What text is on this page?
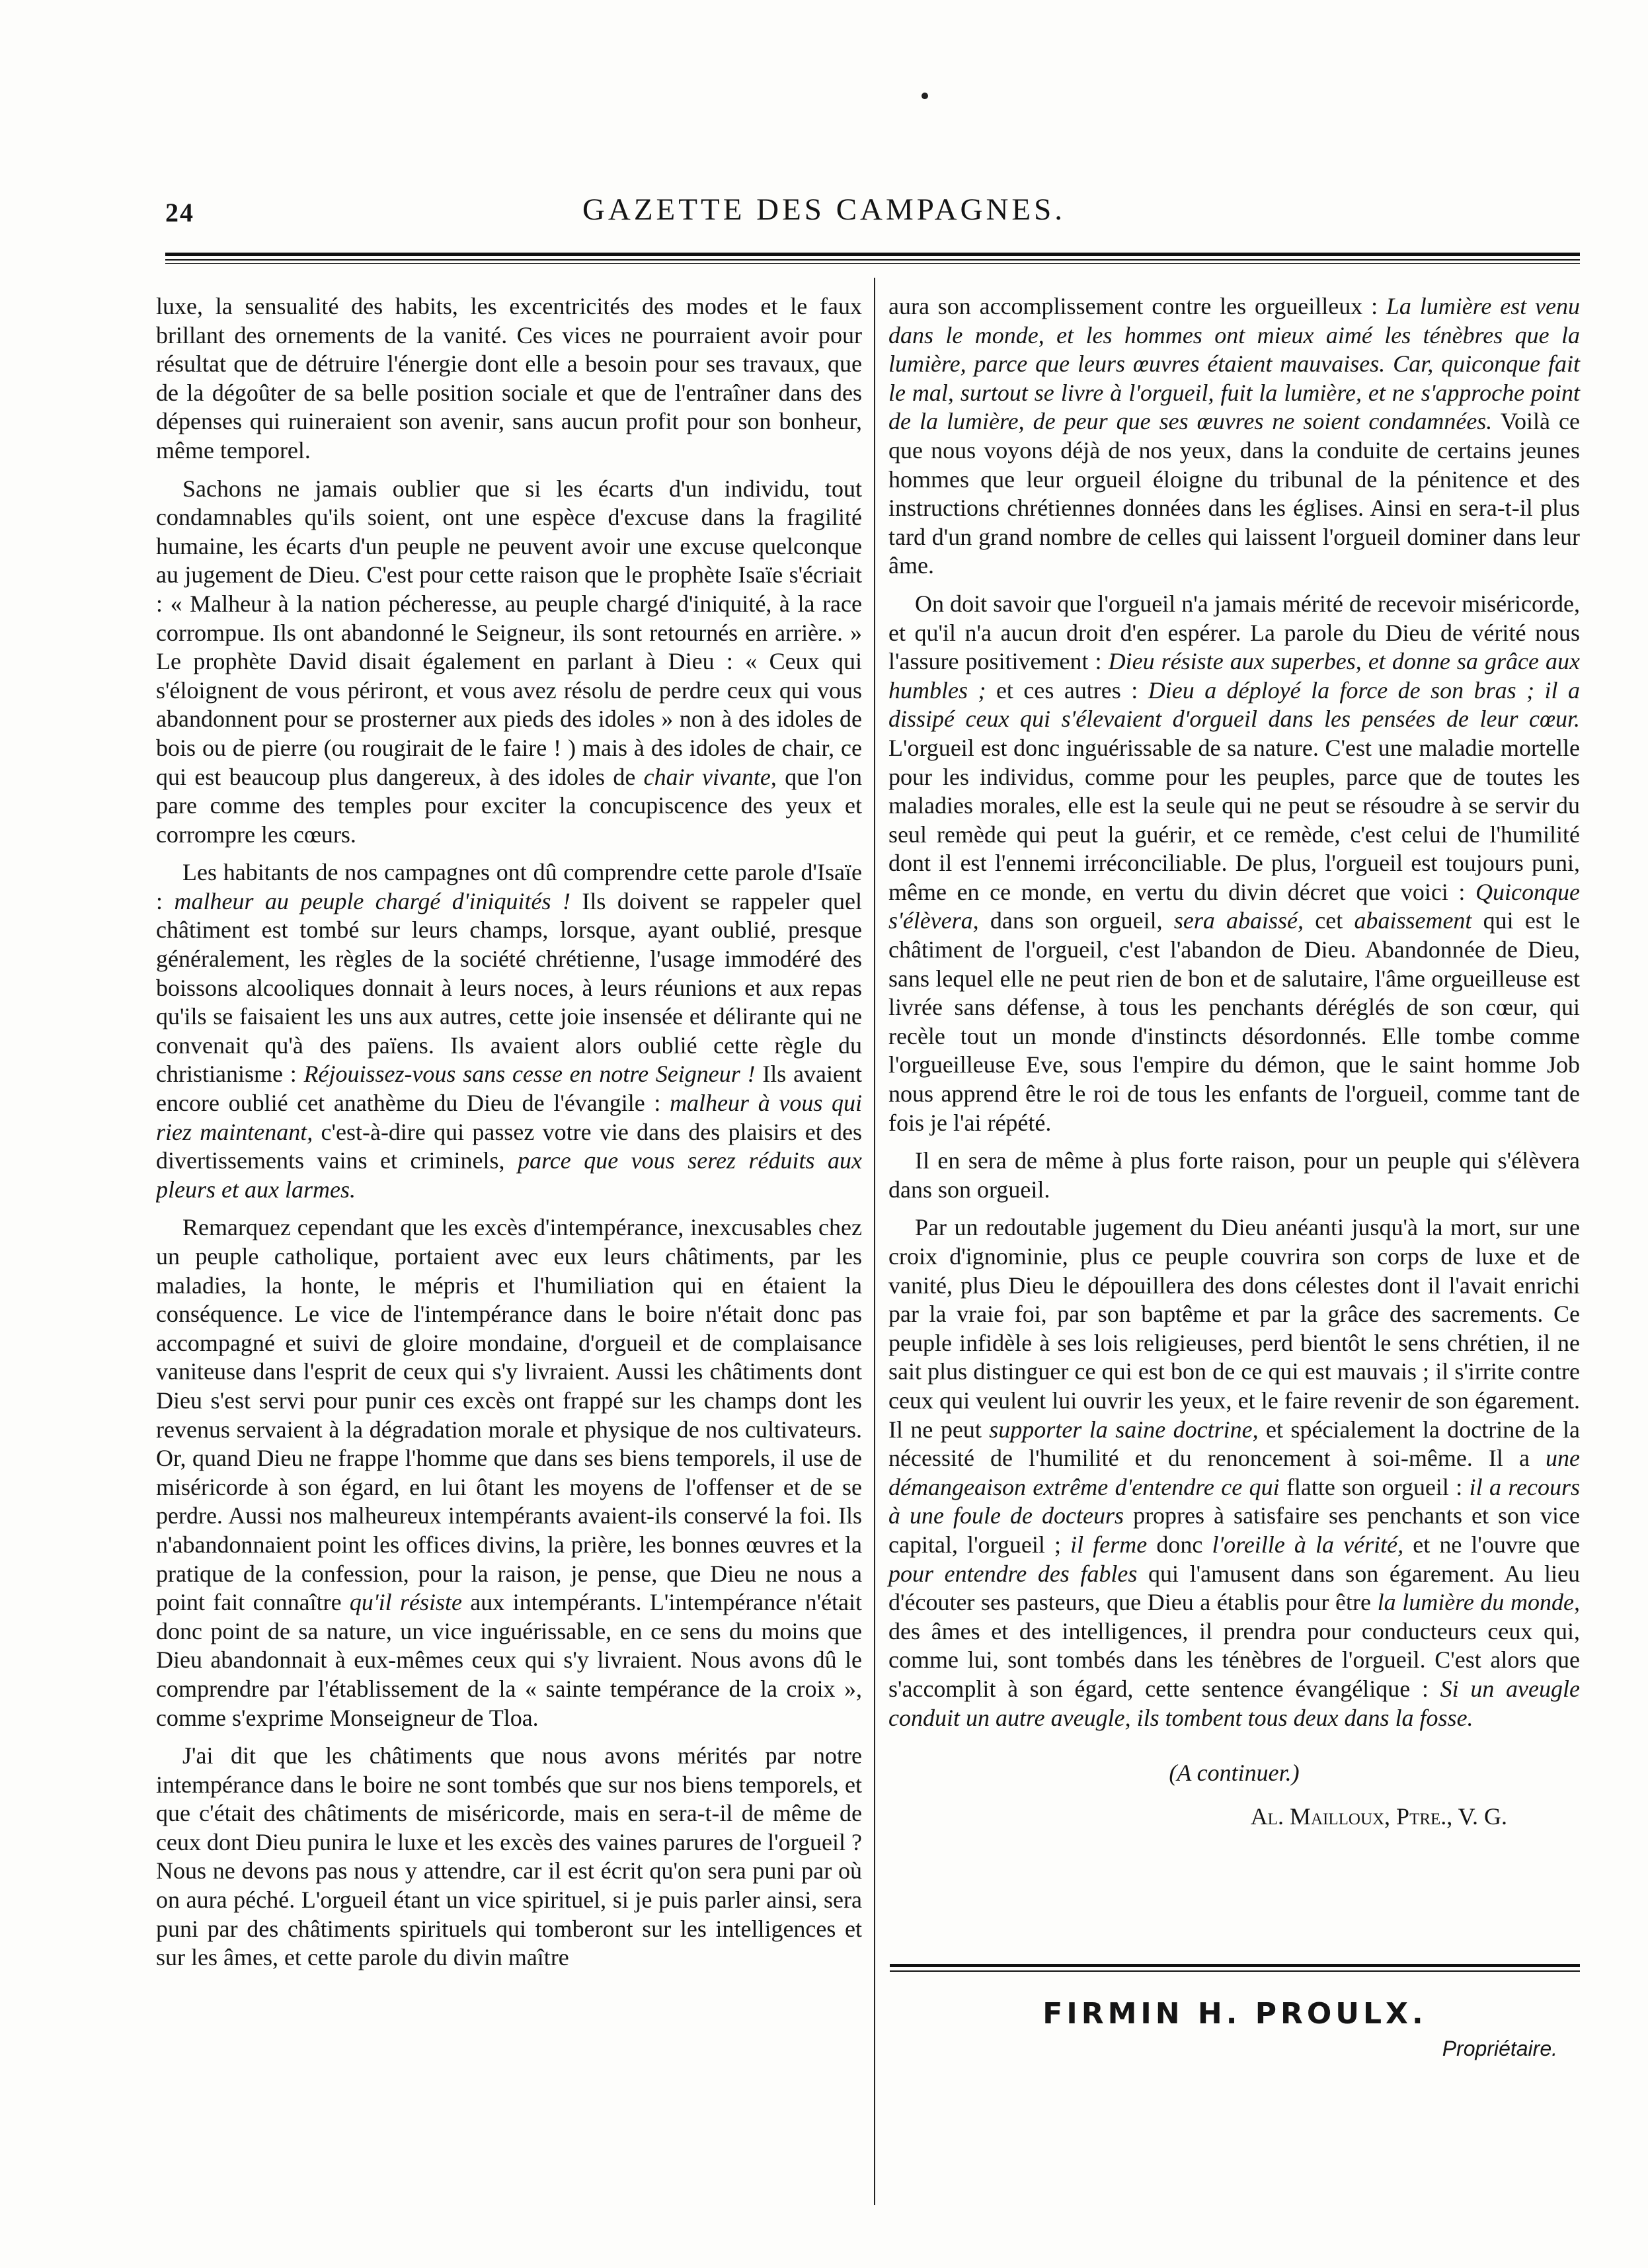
24	GAZETTE DES CAMPAGNES.

luxe, la sensualité des habits, les excentricités des modes et le faux brillant des ornements de la vanité. Ces vices ne pourraient avoir pour résultat que de détruire l'énergie dont elle a besoin pour ses travaux, que de la dégoûter de sa belle position sociale et que de l'entraîner dans des dépenses qui ruineraient son avenir, sans aucun profit pour son bonheur, même temporel.

Sachons ne jamais oublier que si les écarts d'un individu, tout condamnables qu'ils soient, ont une espèce d'excuse dans la fragilité humaine, les écarts d'un peuple ne peuvent avoir une excuse quelconque au jugement de Dieu. C'est pour cette raison que le prophète Isaïe s'écriait : « Malheur à la nation pécheresse, au peuple chargé d'iniquité, à la race corrompue. Ils ont abandonné le Seigneur, ils sont retournés en arrière. » Le prophète David disait également en parlant à Dieu : « Ceux qui s'éloignent de vous périront, et vous avez résolu de perdre ceux qui vous abandonnent pour se prosterner aux pieds des idoles » non à des idoles de bois ou de pierre (ou rougirait de le faire ! ) mais à des idoles de chair, ce qui est beaucoup plus dangereux, à des idoles de chair vivante, que l'on pare comme des temples pour exciter la concupiscence des yeux et corrompre les cœurs.

Les habitants de nos campagnes ont dû comprendre cette parole d'Isaïe : malheur au peuple chargé d'iniquités ! Ils doivent se rappeler quel châtiment est tombé sur leurs champs, lorsque, ayant oublié, presque généralement, les règles de la société chrétienne, l'usage immodéré des boissons alcooliques donnait à leurs noces, à leurs réunions et aux repas qu'ils se faisaient les uns aux autres, cette joie insensée et délirante qui ne convenait qu'à des païens. Ils avaient alors oublié cette règle du christianisme : Réjouissez-vous sans cesse en notre Seigneur ! Ils avaient encore oublié cet anathème du Dieu de l'évangile : malheur à vous qui riez maintenant, c'est-à-dire qui passez votre vie dans des plaisirs et des divertissements vains et criminels, parce que vous serez réduits aux pleurs et aux larmes.

Remarquez cependant que les excès d'intempérance, inexcusables chez un peuple catholique, portaient avec eux leurs châtiments, par les maladies, la honte, le mépris et l'humiliation qui en étaient la conséquence. Le vice de l'intempérance dans le boire n'était donc pas accompagné et suivi de gloire mondaine, d'orgueil et de complaisance vaniteuse dans l'esprit de ceux qui s'y livraient. Aussi les châtiments dont Dieu s'est servi pour punir ces excès ont frappé sur les champs dont les revenus servaient à la dégradation morale et physique de nos cultivateurs. Or, quand Dieu ne frappe l'homme que dans ses biens temporels, il use de miséricorde à son égard, en lui ôtant les moyens de l'offenser et de se perdre. Aussi nos malheureux intempérants avaient-ils conservé la foi. Ils n'abandonnaient point les offices divins, la prière, les bonnes œuvres et la pratique de la confession, pour la raison, je pense, que Dieu ne nous a point fait connaître qu'il résiste aux intempérants. L'intempérance n'était donc point de sa nature, un vice inguérissable, en ce sens du moins que Dieu abandonnait à eux-mêmes ceux qui s'y livraient. Nous avons dû le comprendre par l'établissement de la « sainte tempérance de la croix », comme s'exprime Monseigneur de Tloa.

J'ai dit que les châtiments que nous avons mérités par notre intempérance dans le boire ne sont tombés que sur nos biens temporels, et que c'était des châtiments de miséricorde, mais en sera-t-il de même de ceux dont Dieu punira le luxe et les excès des vaines parures de l'orgueil ? Nous ne devons pas nous y attendre, car il est écrit qu'on sera puni par où on aura péché. L'orgueil étant un vice spirituel, si je puis parler ainsi, sera puni par des châtiments spirituels qui tomberont sur les intelligences et sur les âmes, et cette parole du divin maître

aura son accomplissement contre les orgueilleux : La lumière est venu dans le monde, et les hommes ont mieux aimé les ténèbres que la lumière, parce que leurs œuvres étaient mauvaises. Car, quiconque fait le mal, surtout se livre à l'orgueil, fuit la lumière, et ne s'approche point de la lumière, de peur que ses œuvres ne soient condamnées. Voilà ce que nous voyons déjà de nos yeux, dans la conduite de certains jeunes hommes que leur orgueil éloigne du tribunal de la pénitence et des instructions chrétiennes données dans les églises. Ainsi en sera-t-il plus tard d'un grand nombre de celles qui laissent l'orgueil dominer dans leur âme.

On doit savoir que l'orgueil n'a jamais mérité de recevoir miséricorde, et qu'il n'a aucun droit d'en espérer. La parole du Dieu de vérité nous l'assure positivement : Dieu résiste aux superbes, et donne sa grâce aux humbles ; et ces autres : Dieu a déployé la force de son bras ; il a dissipé ceux qui s'élevaient d'orgueil dans les pensées de leur cœur. L'orgueil est donc inguérissable de sa nature. C'est une maladie mortelle pour les individus, comme pour les peuples, parce que de toutes les maladies morales, elle est la seule qui ne peut se résoudre à se servir du seul remède qui peut la guérir, et ce remède, c'est celui de l'humilité dont il est l'ennemi irréconciliable. De plus, l'orgueil est toujours puni, même en ce monde, en vertu du divin décret que voici : Quiconque s'élèvera, dans son orgueil, sera abaissé, cet abaissement qui est le châtiment de l'orgueil, c'est l'abandon de Dieu. Abandonnée de Dieu, sans lequel elle ne peut rien de bon et de salutaire, l'âme orgueilleuse est livrée sans défense, à tous les penchants déréglés de son cœur, qui recèle tout un monde d'instincts désordonnés. Elle tombe comme l'orgueilleuse Eve, sous l'empire du démon, que le saint homme Job nous apprend être le roi de tous les enfants de l'orgueil, comme tant de fois je l'ai répété.

Il en sera de même à plus forte raison, pour un peuple qui s'élèvera dans son orgueil.

Par un redoutable jugement du Dieu anéanti jusqu'à la mort, sur une croix d'ignominie, plus ce peuple couvrira son corps de luxe et de vanité, plus Dieu le dépouillera des dons célestes dont il l'avait enrichi par la vraie foi, par son baptême et par la grâce des sacrements. Ce peuple infidèle à ses lois religieuses, perd bientôt le sens chrétien, il ne sait plus distinguer ce qui est bon de ce qui est mauvais ; il s'irrite contre ceux qui veulent lui ouvrir les yeux, et le faire revenir de son égarement. Il ne peut supporter la saine doctrine, et spécialement la doctrine de la nécessité de l'humilité et du renoncement à soi-même. Il a une démangeaison extrême d'entendre ce qui flatte son orgueil : il a recours à une foule de docteurs propres à satisfaire ses penchants et son vice capital, l'orgueil ; il ferme donc l'oreille à la vérité, et ne l'ouvre que pour entendre des fables qui l'amusent dans son égarement. Au lieu d'écouter ses pasteurs, que Dieu a établis pour être la lumière du monde, des âmes et des intelligences, il prendra pour conducteurs ceux qui, comme lui, sont tombés dans les ténèbres de l'orgueil. C'est alors que s'accomplit à son égard, cette sentence évangélique : Si un aveugle conduit un autre aveugle, ils tombent tous deux dans la fosse.

(A continuer.)

Al. Mailloux, Ptre., V. G.

FIRMIN H. PROULX.
Propriétaire.
